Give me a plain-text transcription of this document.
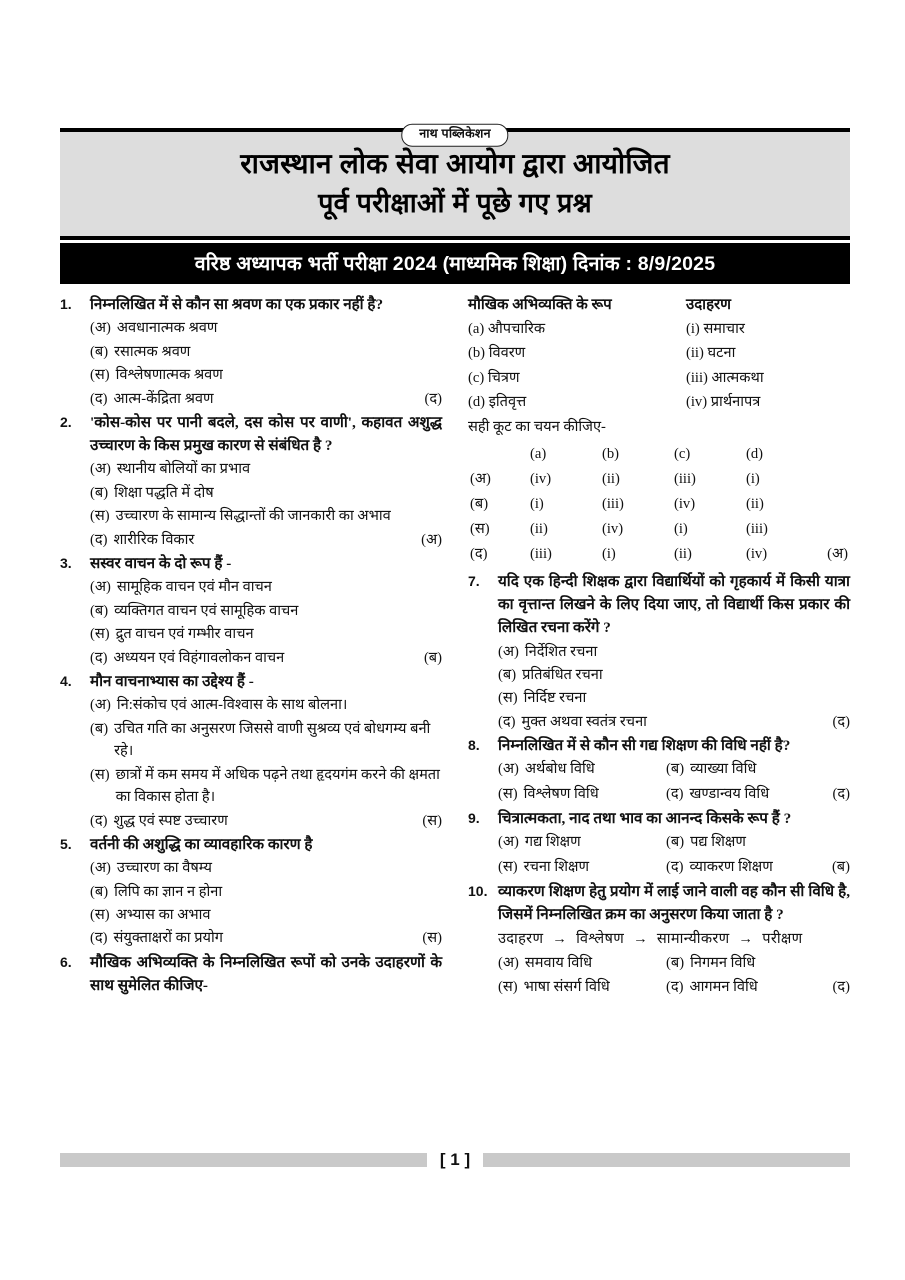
नाथ पब्लिकेशन
राजस्थान लोक सेवा आयोग द्वारा आयोजित
पूर्व परीक्षाओं में पूछे गए प्रश्न
वरिष्ठ अध्यापक भर्ती परीक्षा 2024 (माध्यमिक शिक्षा) दिनांक : 8/9/2025
1.	निम्नलिखित में से कौन सा श्रवण का एक प्रकार नहीं है?
(अ) अवधानात्मक श्रवण
(ब) रसात्मक श्रवण
(स) विश्लेषणात्मक श्रवण
(द) आत्म-केंद्रिता श्रवण	(द)
2.	'कोस-कोस पर पानी बदले, दस कोस पर वाणी', कहावत अशुद्ध उच्चारण के किस प्रमुख कारण से संबंधित है ?
(अ) स्थानीय बोलियों का प्रभाव
(ब) शिक्षा पद्धति में दोष
(स) उच्चारण के सामान्य सिद्धान्तों की जानकारी का अभाव
(द) शारीरिक विकार	(अ)
3.	सस्वर वाचन के दो रूप हैं -
(अ) सामूहिक वाचन एवं मौन वाचन
(ब) व्यक्तिगत वाचन एवं सामूहिक वाचन
(स) द्रुत वाचन एवं गम्भीर वाचन
(द) अध्ययन एवं विहंगावलोकन वाचन	(ब)
4.	मौन वाचनाभ्यास का उद्देश्य हैं -
(अ) नि:संकोच एवं आत्म-विश्वास के साथ बोलना।
(ब) उचित गति का अनुसरण जिससे वाणी सुश्रव्य एवं बोधगम्य बनी रहे।
(स) छात्रों में कम समय में अधिक पढ़ने तथा हृदयगंम करने की क्षमता का विकास होता है।
(द) शुद्ध एवं स्पष्ट उच्चारण	(स)
5.	वर्तनी की अशुद्धि का व्यावहारिक कारण है
(अ) उच्चारण का वैषम्य
(ब) लिपि का ज्ञान न होना
(स) अभ्यास का अभाव
(द) संयुक्ताक्षरों का प्रयोग	(स)
6.	मौखिक अभिव्यक्ति के निम्नलिखित रूपों को उनके उदाहरणों के साथ सुमेलित कीजिए-
मौखिक अभिव्यक्ति के रूप	उदाहरण
(a) औपचारिक	(i) समाचार
(b) विवरण	(ii) घटना
(c) चित्रण	(iii) आत्मकथा
(d) इतिवृत्त	(iv) प्रार्थनापत्र
सही कूट का चयन कीजिए-
(a)	(b)	(c)	(d)
(अ)	(iv)	(ii)	(iii)	(i)
(ब)	(i)	(iii)	(iv)	(ii)
(स)	(ii)	(iv)	(i)	(iii)
(द)	(iii)	(i)	(ii)	(iv)	(अ)
7.	यदि एक हिन्दी शिक्षक द्वारा विद्यार्थियों को गृहकार्य में किसी यात्रा का वृत्तान्त लिखने के लिए दिया जाए, तो विद्यार्थी किस प्रकार की लिखित रचना करेंगे ?
(अ) निर्देशित रचना
(ब) प्रतिबंधित रचना
(स) निर्दिष्ट रचना
(द) मुक्त अथवा स्वतंत्र रचना	(द)
8.	निम्नलिखित में से कौन सी गद्य शिक्षण की विधि नहीं है?
(अ) अर्थबोध विधि	(ब) व्याख्या विधि
(स) विश्लेषण विधि	(द) खण्डान्वय विधि	(द)
9.	चित्रात्मकता, नाद तथा भाव का आनन्द किसके रूप हैं ?
(अ) गद्य शिक्षण	(ब) पद्य शिक्षण
(स) रचना शिक्षण	(द) व्याकरण शिक्षण	(ब)
10. व्याकरण शिक्षण हेतु प्रयोग में लाई जाने वाली वह कौन सी विधि है, जिसमें निम्नलिखित क्रम का अनुसरण किया जाता है ?
उदाहरण → विश्लेषण → सामान्यीकरण → परीक्षण
(अ) समवाय विधि	(ब) निगमन विधि
(स) भाषा संसर्ग विधि	(द) आगमन विधि	(द)
[ 1 ]
